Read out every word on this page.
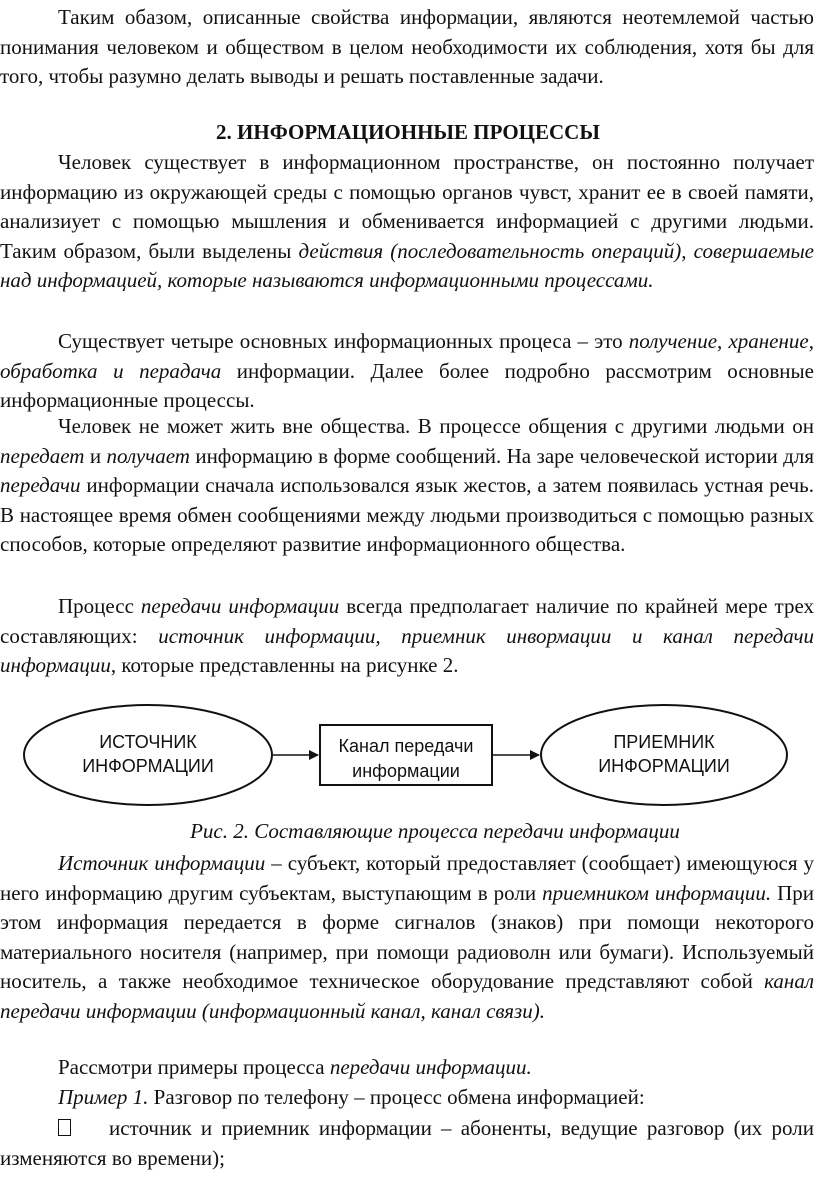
Таким обазом, описанные свойства информации, являются неотемлемой частью понимания человеком и обществом в целом необходимости их соблюдения, хотя бы для того, чтобы разумно делать выводы и решать поставленные задачи.

2. ИНФОРМАЦИОННЫЕ ПРОЦЕССЫ

Человек существует в информационном пространстве, он постоянно получает информацию из окружающей среды с помощью органов чувст, хранит ее в своей памяти, анализиует с помощью мышления и обменивается информацией с другими людьми. Таким образом, были выделены действия (последовательность операций), совершаемые над информацией, которые называются информационными процессами.

Существует четыре основных информационных процеса – это получение, хранение, обработка и перадача информации. Далее более подробно рассмотрим основные информационные процессы.

Человек не может жить вне общества. В процессе общения с другими людьми он передает и получает информацию в форме сообщений. На заре человеческой истории для передачи информации сначала использовался язык жестов, а затем появилась устная речь. В настоящее время обмен сообщениями между людьми производиться с помощью разных способов, которые определяют развитие информационного общества.

Процесс передачи информации всегда предполагает наличие по крайней мере трех составляющих: источник информации, приемник инвормации и канал передачи информации, которые представленны на рисунке 2.

ИСТОЧНИК
ИНФОРМАЦИИ
Канал передачи
информации
ПРИЕМНИК
ИНФОРМАЦИИ
Рис. 2. Составляющие процесса передачи информации

Источник информации – субъект, который предоставляет (сообщает) имеющуюся у него информацию другим субъектам, выступающим в роли приемником информации. При этом информация передается в форме сигналов (знаков) при помощи некоторого материального носителя (например, при помощи радиоволн или бумаги). Используемый носитель, а также необходимое техническое оборудование представляют собой канал передачи информации (информационный канал, канал связи).

Рассмотри примеры процесса передачи информации.

Пример 1. Разговор по телефону – процесс обмена информацией:

источник и приемник информации – абоненты, ведущие разговор (их роли изменяются во времени);
